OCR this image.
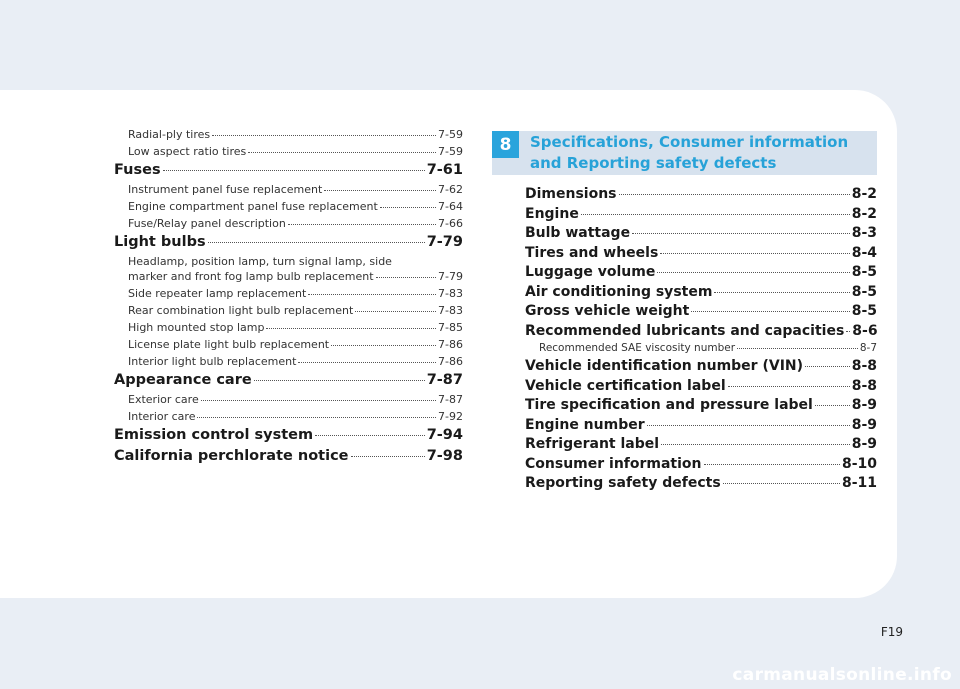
Radial-ply tires	7-59
Low aspect ratio tires	7-59
Fuses	7-61
Instrument panel fuse replacement	7-62
Engine compartment panel fuse replacement	7-64
Fuse/Relay panel description	7-66
Light bulbs	7-79
Headlamp, position lamp, turn signal lamp, side
marker and front fog lamp bulb replacement	7-79
Side repeater lamp replacement	7-83
Rear combination light bulb replacement	7-83
High mounted stop lamp	7-85
License plate light bulb replacement	7-86
Interior light bulb replacement	7-86
Appearance care	7-87
Exterior care	7-87
Interior care	7-92
Emission control system	7-94
California perchlorate notice	7-98
8	Specifications, Consumer information and Reporting safety defects
Dimensions	8-2
Engine	8-2
Bulb wattage	8-3
Tires and wheels	8-4
Luggage volume	8-5
Air conditioning system	8-5
Gross vehicle weight	8-5
Recommended lubricants and capacities 8-6
Recommended SAE viscosity number	8-7
Vehicle identification number (VIN)	8-8
Vehicle certification label	8-8
Tire specification and pressure label	8-9
Engine number	8-9
Refrigerant label	8-9
Consumer information	8-10
Reporting safety defects	8-11
F19
carmanualsonline.info
